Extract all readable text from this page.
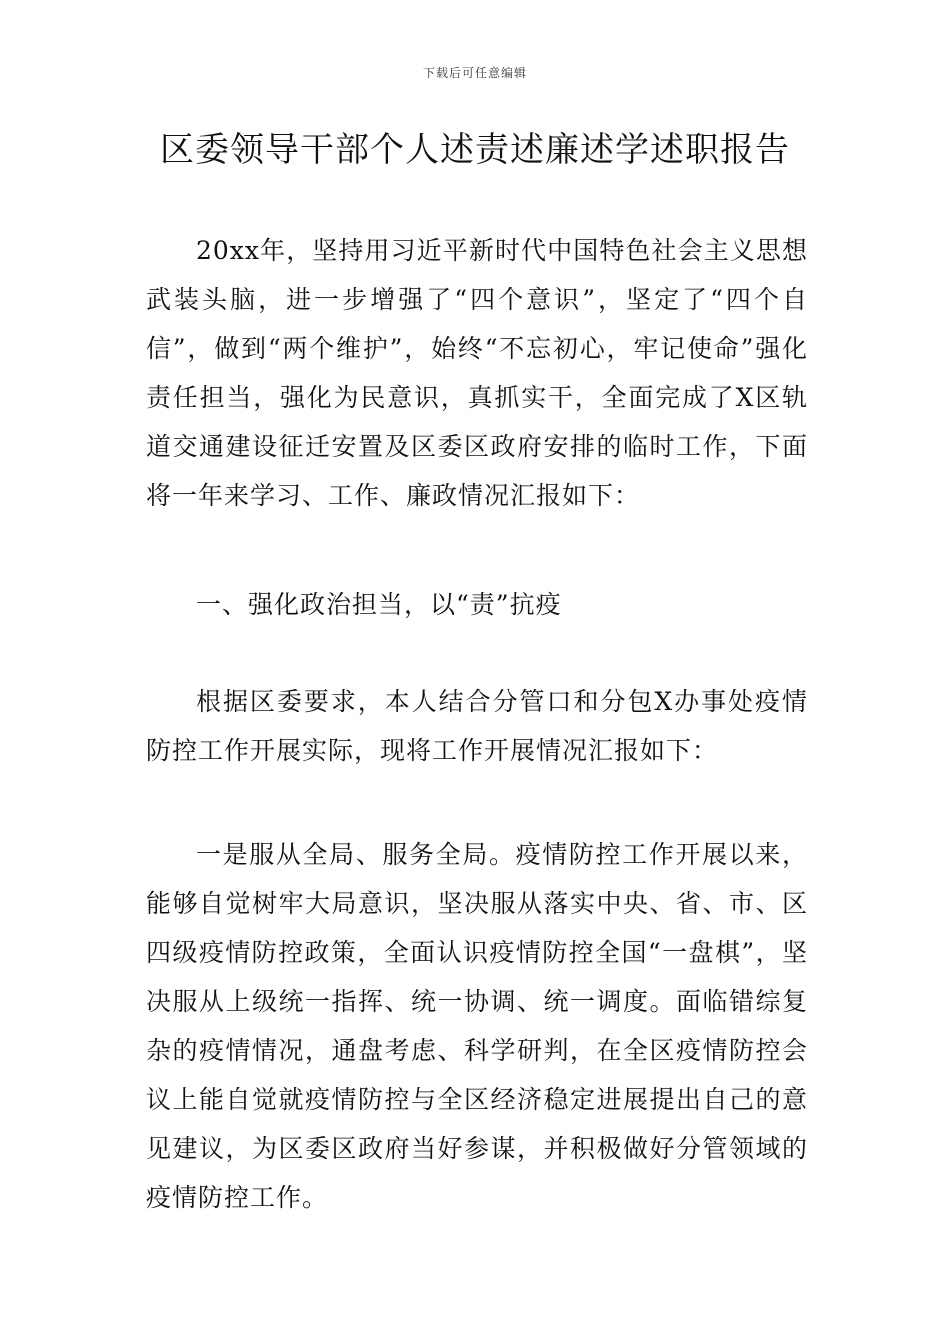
下载后可任意编辑
区委领导干部个人述责述廉述学述职报告

20xx年，坚持用习近平新时代中国特色社会主义思想武装头脑，进一步增强了“四个意识”，坚定了“四个自信”，做到“两个维护”，始终“不忘初心，牢记使命”强化责任担当，强化为民意识，真抓实干，全面完成了X区轨道交通建设征迁安置及区委区政府安排的临时工作，下面将一年来学习、工作、廉政情况汇报如下：

一、强化政治担当，以“责”抗疫

根据区委要求，本人结合分管口和分包X办事处疫情防控工作开展实际，现将工作开展情况汇报如下：

一是服从全局、服务全局。疫情防控工作开展以来，能够自觉树牢大局意识，坚决服从落实中央、省、市、区四级疫情防控政策，全面认识疫情防控全国“一盘棋”，坚决服从上级统一指挥、统一协调、统一调度。面临错综复杂的疫情情况，通盘考虑、科学研判，在全区疫情防控会议上能自觉就疫情防控与全区经济稳定进展提出自己的意见建议，为区委区政府当好参谋，并积极做好分管领域的疫情防控工作。
